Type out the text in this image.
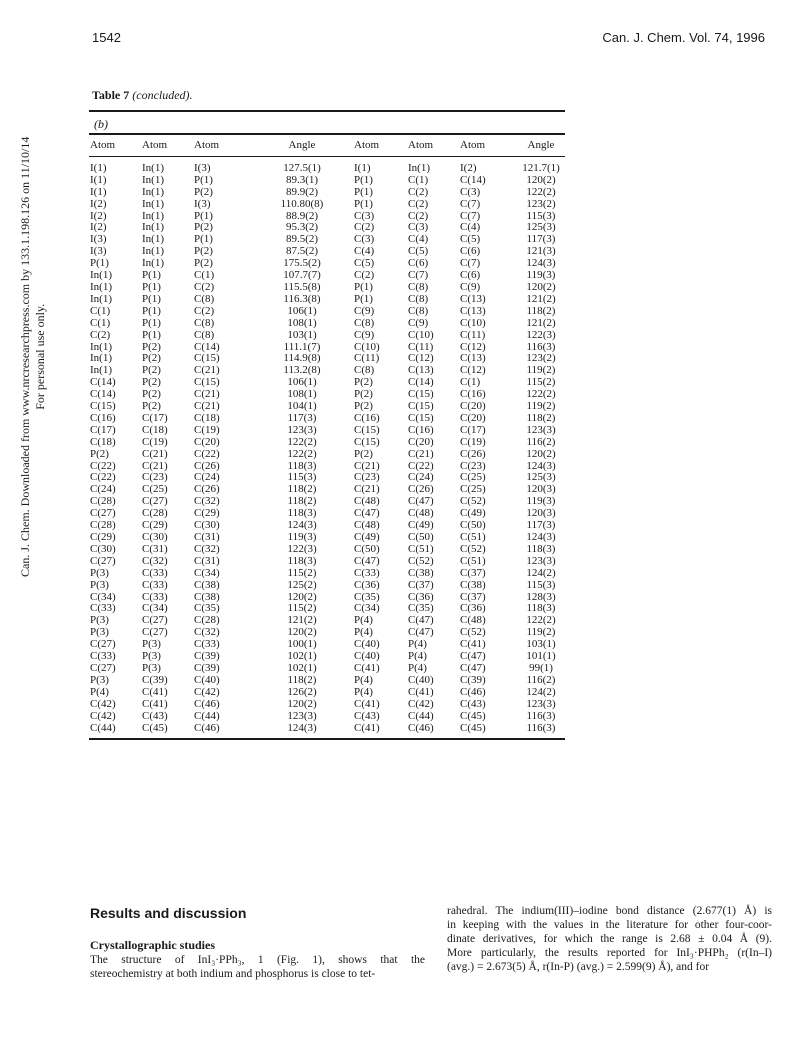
1542	Can. J. Chem. Vol. 74, 1996
Table 7 (concluded).
(b)
Atom	Atom	Atom	Angle	Atom	Atom	Atom	Angle
I(1)	In(1)	I(3)	127.5(1)	I(1)	In(1)	I(2)	121.7(1)
I(1)	In(1)	P(1)	89.3(1)	P(1)	C(1)	C(14)	120(2)
I(1)	In(1)	P(2)	89.9(2)	P(1)	C(2)	C(3)	122(2)
I(2)	In(1)	I(3)	110.80(8)	P(1)	C(2)	C(7)	123(2)
I(2)	In(1)	P(1)	88.9(2)	C(3)	C(2)	C(7)	115(3)
I(2)	In(1)	P(2)	95.3(2)	C(2)	C(3)	C(4)	125(3)
I(3)	In(1)	P(1)	89.5(2)	C(3)	C(4)	C(5)	117(3)
I(3)	In(1)	P(2)	87.5(2)	C(4)	C(5)	C(6)	121(3)
P(1)	In(1)	P(2)	175.5(2)	C(5)	C(6)	C(7)	124(3)
In(1)	P(1)	C(1)	107.7(7)	C(2)	C(7)	C(6)	119(3)
In(1)	P(1)	C(2)	115.5(8)	P(1)	C(8)	C(9)	120(2)
In(1)	P(1)	C(8)	116.3(8)	P(1)	C(8)	C(13)	121(2)
C(1)	P(1)	C(2)	106(1)	C(9)	C(8)	C(13)	118(2)
C(1)	P(1)	C(8)	108(1)	C(8)	C(9)	C(10)	121(2)
C(2)	P(1)	C(8)	103(1)	C(9)	C(10)	C(11)	122(3)
In(1)	P(2)	C(14)	111.1(7)	C(10)	C(11)	C(12)	116(3)
In(1)	P(2)	C(15)	114.9(8)	C(11)	C(12)	C(13)	123(2)
In(1)	P(2)	C(21)	113.2(8)	C(8)	C(13)	C(12)	119(2)
C(14)	P(2)	C(15)	106(1)	P(2)	C(14)	C(1)	115(2)
C(14)	P(2)	C(21)	108(1)	P(2)	C(15)	C(16)	122(2)
C(15)	P(2)	C(21)	104(1)	P(2)	C(15)	C(20)	119(2)
C(16)	C(17)	C(18)	117(3)	C(16)	C(15)	C(20)	118(2)
C(17)	C(18)	C(19)	123(3)	C(15)	C(16)	C(17)	123(3)
C(18)	C(19)	C(20)	122(2)	C(15)	C(20)	C(19)	116(2)
P(2)	C(21)	C(22)	122(2)	P(2)	C(21)	C(26)	120(2)
C(22)	C(21)	C(26)	118(3)	C(21)	C(22)	C(23)	124(3)
C(22)	C(23)	C(24)	115(3)	C(23)	C(24)	C(25)	125(3)
C(24)	C(25)	C(26)	118(2)	C(21)	C(26)	C(25)	120(3)
C(28)	C(27)	C(32)	118(2)	C(48)	C(47)	C(52)	119(3)
C(27)	C(28)	C(29)	118(3)	C(47)	C(48)	C(49)	120(3)
C(28)	C(29)	C(30)	124(3)	C(48)	C(49)	C(50)	117(3)
C(29)	C(30)	C(31)	119(3)	C(49)	C(50)	C(51)	124(3)
C(30)	C(31)	C(32)	122(3)	C(50)	C(51)	C(52)	118(3)
C(27)	C(32)	C(31)	118(3)	C(47)	C(52)	C(51)	123(3)
P(3)	C(33)	C(34)	115(2)	C(33)	C(38)	C(37)	124(2)
P(3)	C(33)	C(38)	125(2)	C(36)	C(37)	C(38)	115(3)
C(34)	C(33)	C(38)	120(2)	C(35)	C(36)	C(37)	128(3)
C(33)	C(34)	C(35)	115(2)	C(34)	C(35)	C(36)	118(3)
P(3)	C(27)	C(28)	121(2)	P(4)	C(47)	C(48)	122(2)
P(3)	C(27)	C(32)	120(2)	P(4)	C(47)	C(52)	119(2)
C(27)	P(3)	C(33)	100(1)	C(40)	P(4)	C(41)	103(1)
C(33)	P(3)	C(39)	102(1)	C(40)	P(4)	C(47)	101(1)
C(27)	P(3)	C(39)	102(1)	C(41)	P(4)	C(47)	99(1)
P(3)	C(39)	C(40)	118(2)	P(4)	C(40)	C(39)	116(2)
P(4)	C(41)	C(42)	126(2)	P(4)	C(41)	C(46)	124(2)
C(42)	C(41)	C(46)	120(2)	C(41)	C(42)	C(43)	123(3)
C(42)	C(43)	C(44)	123(3)	C(43)	C(44)	C(45)	116(3)
C(44)	C(45)	C(46)	124(3)	C(41)	C(46)	C(45)	116(3)
Can. J. Chem. Downloaded from www.nrcresearchpress.com by 133.1.198.126 on 11/10/14
For personal use only.
Results and discussion
Crystallographic studies
The structure of InI₃·PPh₃, 1 (Fig. 1), shows that the
stereochemistry at both indium and phosphorus is close to tet-
rahedral. The indium(III)–iodine bond distance (2.677(1) Å) is
in keeping with the values in the literature for other four-coor-
dinate derivatives, for which the range is 2.68 ± 0.04 Å (9).
More particularly, the results reported for InI₃·PHPh₂ (r(In–I)
(avg.) = 2.673(5) Å, r(In-P) (avg.) = 2.599(9) Å), and for
